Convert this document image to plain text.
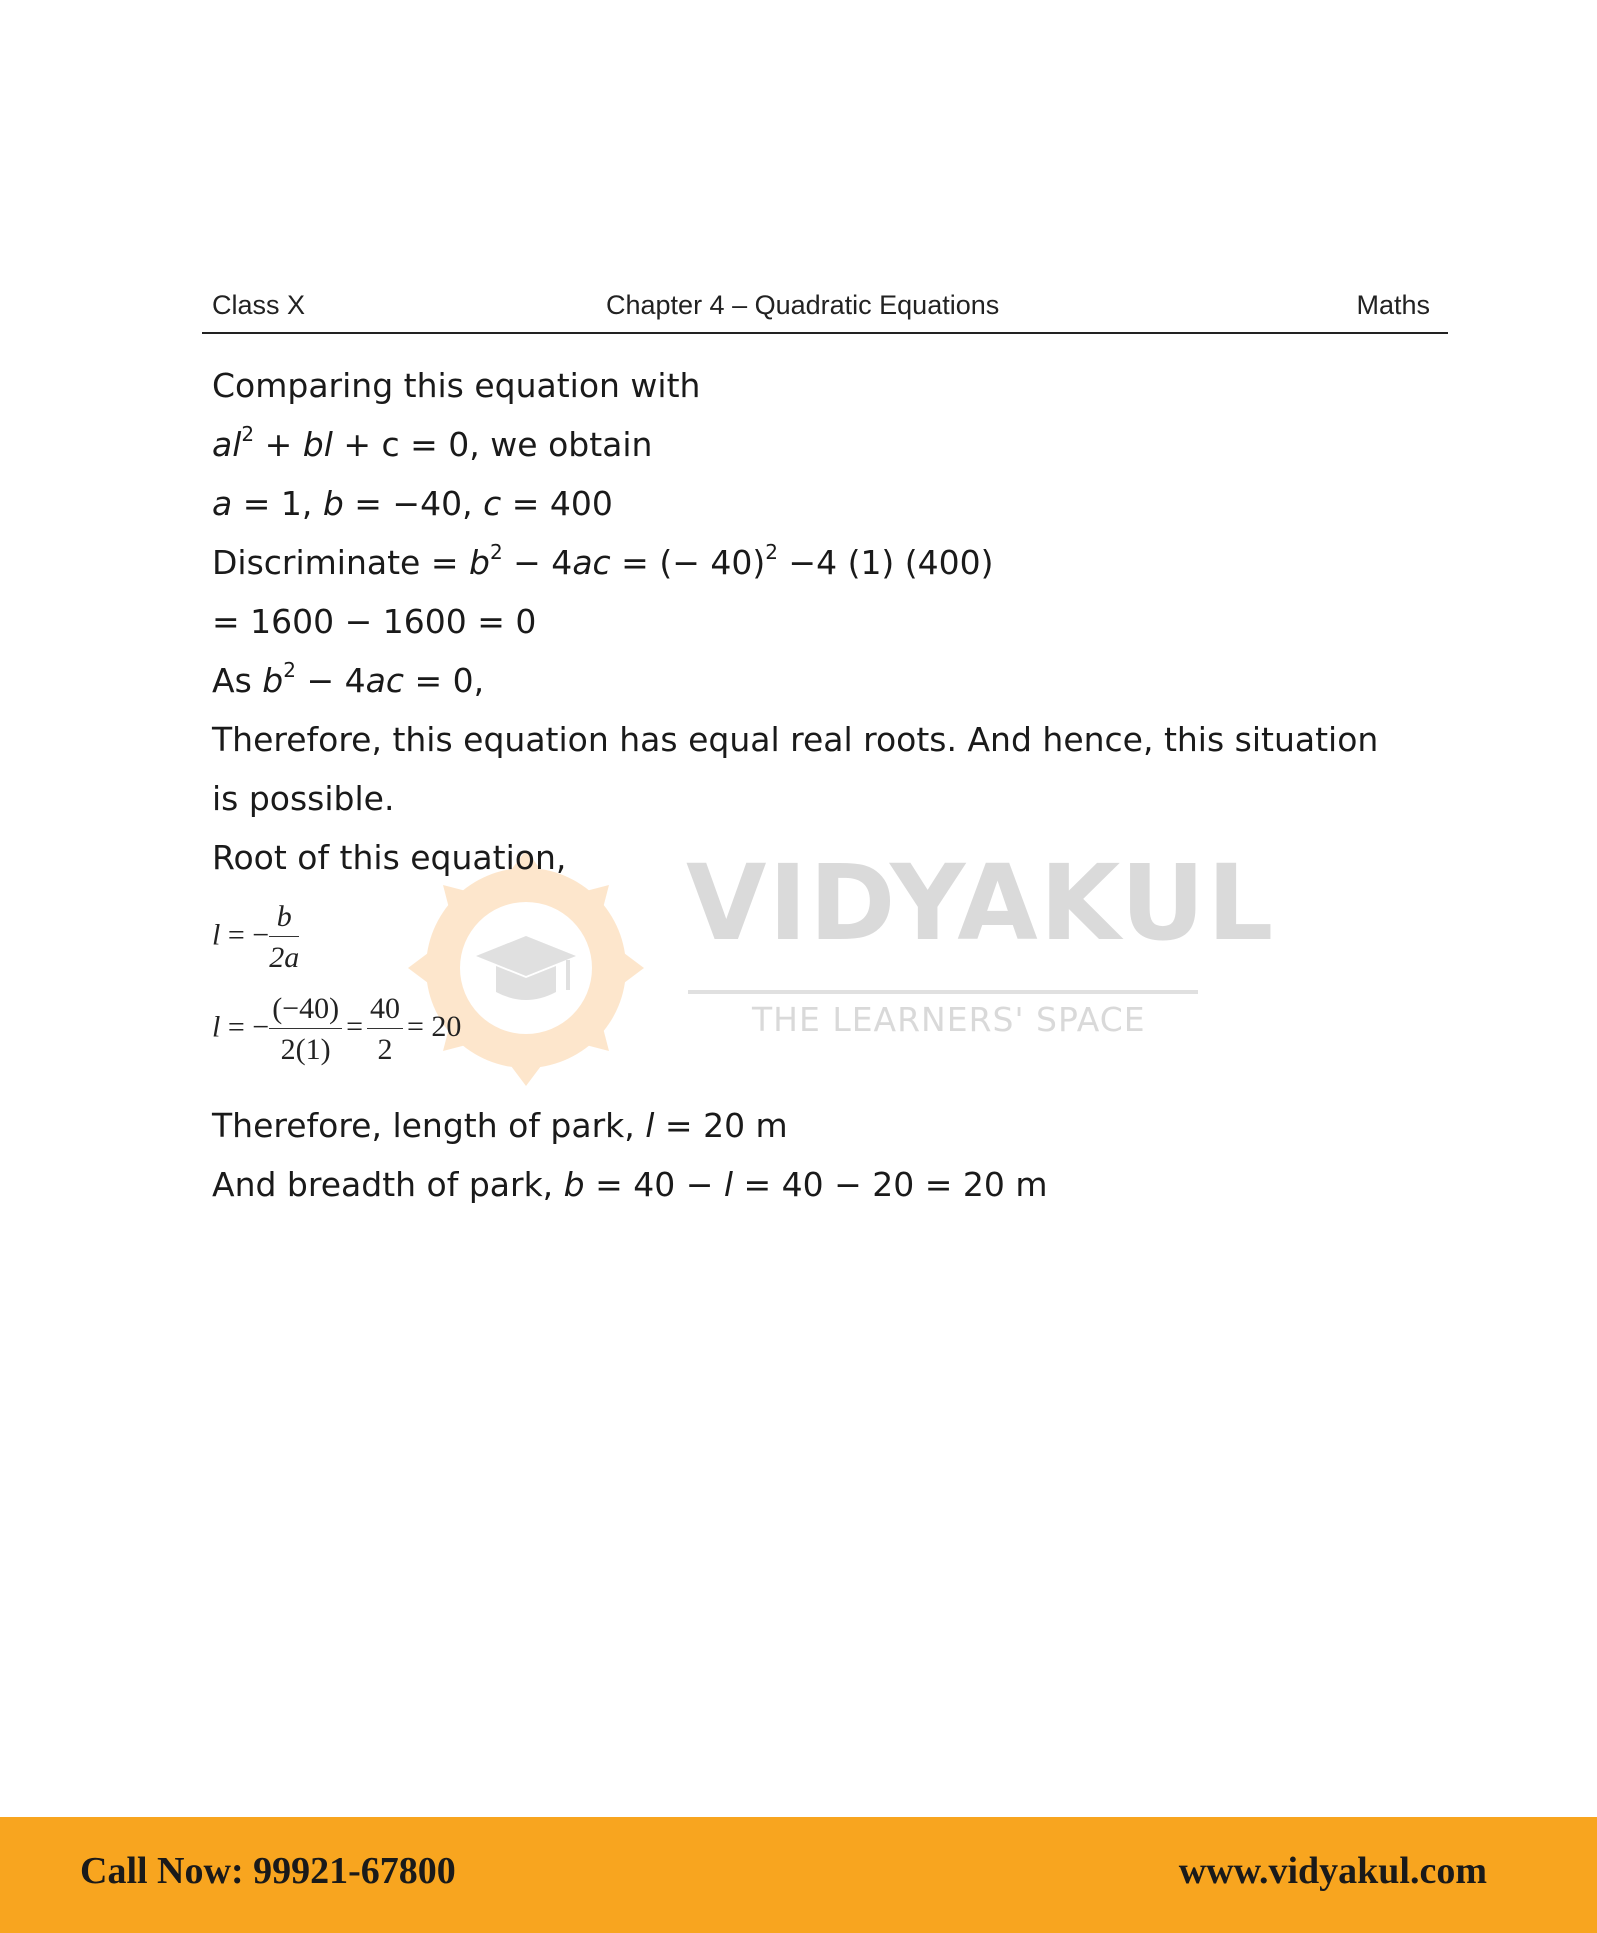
Class X	Chapter 4 – Quadratic Equations	Maths
VIDYAKUL
THE LEARNERS' SPACE
Comparing this equation with
$al^2$ + bl + c = 0, we obtain
a = 1, b = −40, c = 400
Discriminate = $b^2 - 4ac$ = (− 40)$^2$ −4 (1) (400)
= 1600 − 1600 = 0
As $b^2 - 4ac = 0$,
Therefore, this equation has equal real roots. And hence, this situation
is possible.
Root of this equation,
Therefore, length of park, l = 20 m
And breadth of park, b = 40 − l = 40 − 20 = 20 m
l = − $\frac{b}{2a}$
l = − $\frac{(-40)}{2(1)} = \frac{40}{2} = 20$
Call Now: 99921-67800	www.vidyakul.com
